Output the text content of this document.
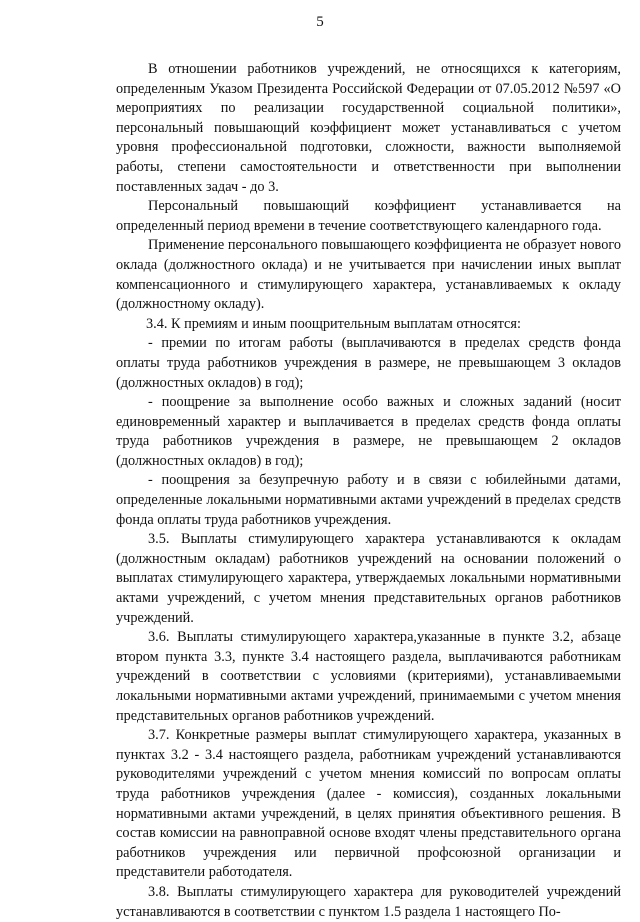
5

В отношении работников учреждений, не относящихся к категориям, определенным Указом Президента Российской Федерации от 07.05.2012 №597 «О мероприятиях по реализации государственной социальной политики», персональный повышающий коэффициент может устанавливаться с учетом уровня профессиональной подготовки, сложности, важности выполняемой работы, степени самостоятельности и ответственности при выполнении поставленных задач - до 3.

Персональный повышающий коэффициент устанавливается на определенный период времени в течение соответствующего календарного года.

Применение персонального повышающего коэффициента не образует нового оклада (должностного оклада) и не учитывается при начислении иных выплат компенсационного и стимулирующего характера, устанавливаемых к окладу (должностному окладу).

3.4. К премиям и иным поощрительным выплатам относятся:

- премии по итогам работы (выплачиваются в пределах средств фонда оплаты труда работников учреждения в размере, не превышающем 3 окладов (должностных окладов) в год);

- поощрение за выполнение особо важных и сложных заданий (носит единовременный характер и выплачивается в пределах средств фонда оплаты труда работников учреждения в размере, не превышающем 2 окладов (должностных окладов) в год);

- поощрения за безупречную работу и в связи с юбилейными датами, определенные локальными нормативными актами учреждений в пределах средств фонда оплаты труда работников учреждения.

3.5. Выплаты стимулирующего характера устанавливаются к окладам (должностным окладам) работников учреждений на основании положений о выплатах стимулирующего характера, утверждаемых локальными нормативными актами учреждений, с учетом мнения представительных органов работников учреждений.

3.6. Выплаты стимулирующего характера,указанные в пункте 3.2, абзаце втором пункта 3.3, пункте 3.4 настоящего раздела, выплачиваются работникам учреждений в соответствии с условиями (критериями), устанавливаемыми локальными нормативными актами учреждений, принимаемыми с учетом мнения представительных органов работников учреждений.

3.7. Конкретные размеры выплат стимулирующего характера, указанных в пунктах 3.2 - 3.4 настоящего раздела, работникам учреждений устанавливаются руководителями учреждений с учетом мнения комиссий по вопросам оплаты труда работников учреждения (далее - комиссия), созданных локальными нормативными актами учреждений, в целях принятия объективного решения. В состав комиссии на равноправной основе входят члены представительного органа работников учреждения или первичной профсоюзной организации и представители работодателя.

3.8. Выплаты стимулирующего характера для руководителей учреждений устанавливаются в соответствии с пунктом 1.5 раздела 1 настоящего По-
